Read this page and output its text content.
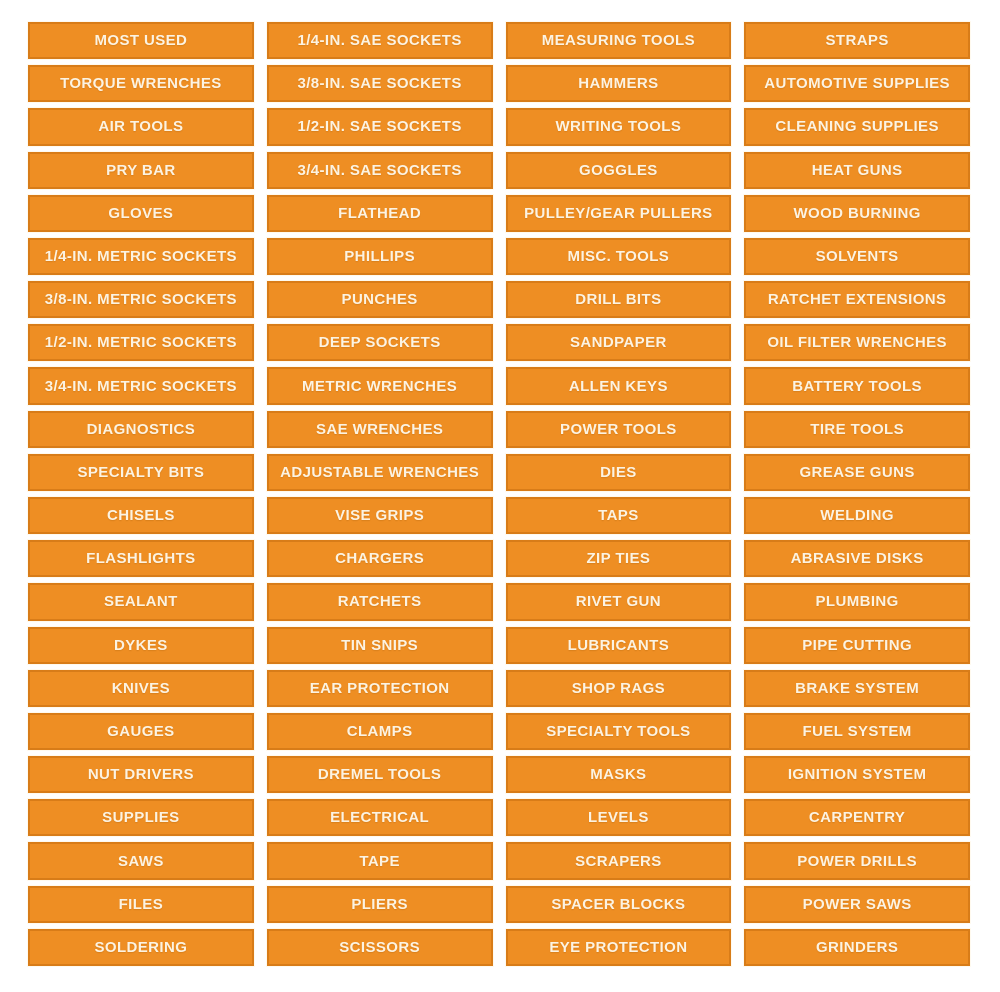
MOST USED	1/4-IN. SAE SOCKETS	MEASURING TOOLS	STRAPS
TORQUE WRENCHES	3/8-IN. SAE SOCKETS	HAMMERS	AUTOMOTIVE SUPPLIES
AIR TOOLS	1/2-IN. SAE SOCKETS	WRITING TOOLS	CLEANING SUPPLIES
PRY BAR	3/4-IN. SAE SOCKETS	GOGGLES	HEAT GUNS
GLOVES	FLATHEAD	PULLEY/GEAR PULLERS	WOOD BURNING
1/4-IN. METRIC SOCKETS	PHILLIPS	MISC. TOOLS	SOLVENTS
3/8-IN. METRIC SOCKETS	PUNCHES	DRILL BITS	RATCHET EXTENSIONS
1/2-IN. METRIC SOCKETS	DEEP SOCKETS	SANDPAPER	OIL FILTER WRENCHES
3/4-IN. METRIC SOCKETS	METRIC WRENCHES	ALLEN KEYS	BATTERY TOOLS
DIAGNOSTICS	SAE WRENCHES	POWER TOOLS	TIRE TOOLS
SPECIALTY BITS	ADJUSTABLE WRENCHES	DIES	GREASE GUNS
CHISELS	VISE GRIPS	TAPS	WELDING
FLASHLIGHTS	CHARGERS	ZIP TIES	ABRASIVE DISKS
SEALANT	RATCHETS	RIVET GUN	PLUMBING
DYKES	TIN SNIPS	LUBRICANTS	PIPE CUTTING
KNIVES	EAR PROTECTION	SHOP RAGS	BRAKE SYSTEM
GAUGES	CLAMPS	SPECIALTY TOOLS	FUEL SYSTEM
NUT DRIVERS	DREMEL TOOLS	MASKS	IGNITION SYSTEM
SUPPLIES	ELECTRICAL	LEVELS	CARPENTRY
SAWS	TAPE	SCRAPERS	POWER DRILLS
FILES	PLIERS	SPACER BLOCKS	POWER SAWS
SOLDERING	SCISSORS	EYE PROTECTION	GRINDERS
